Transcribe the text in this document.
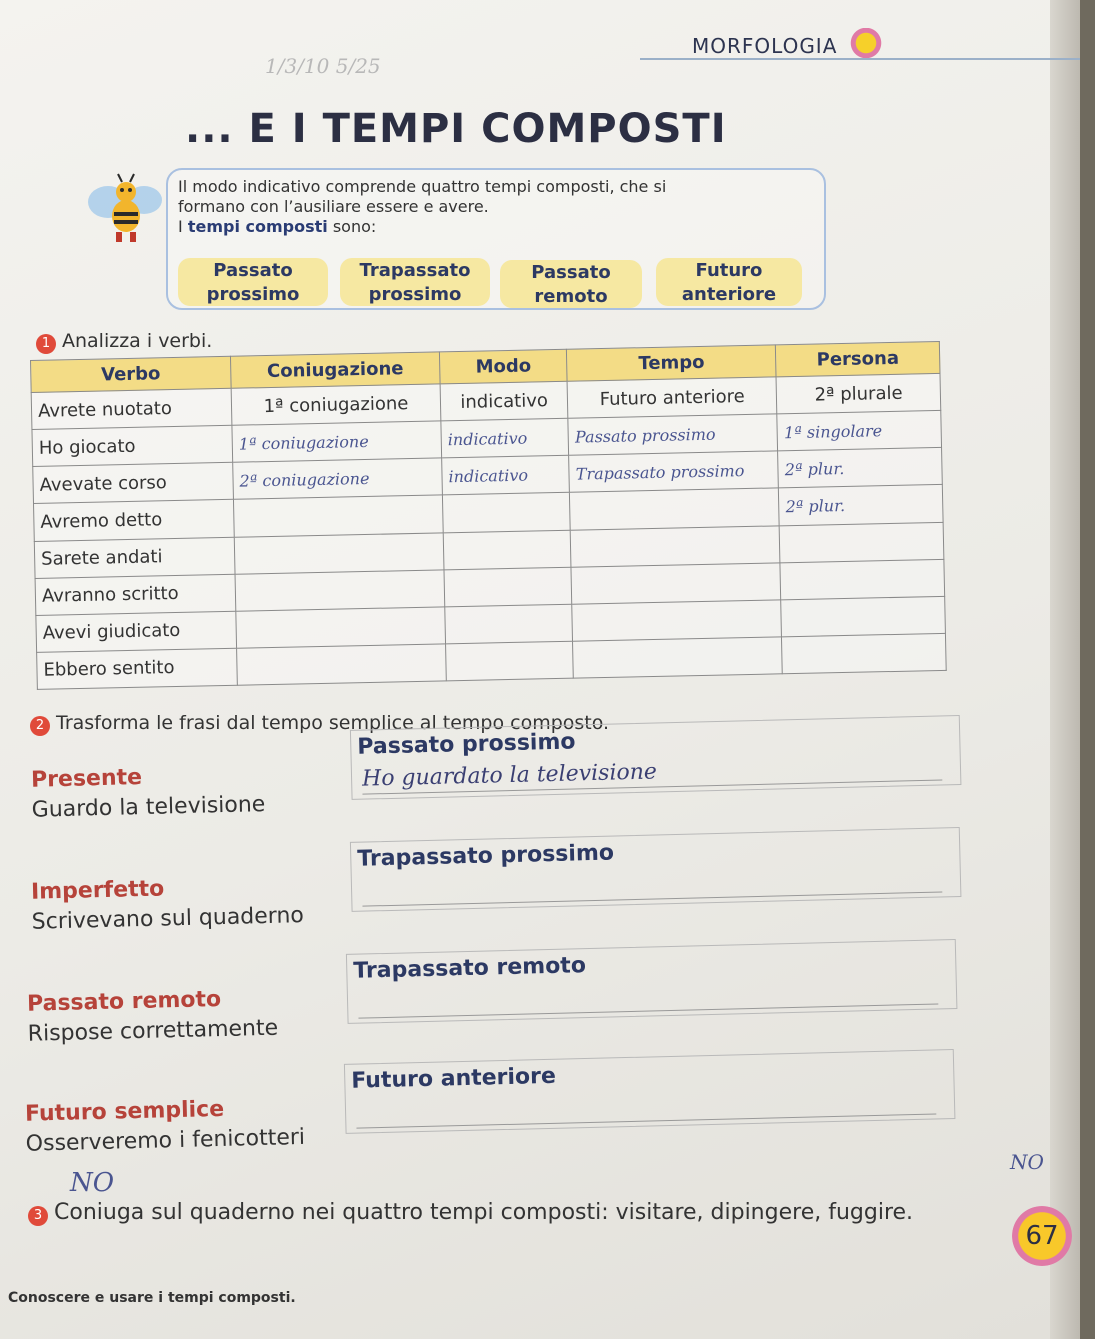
1/3/10 5/25
MORFOLOGIA
... E I TEMPI COMPOSTI
Il modo indicativo comprende quattro tempi composti, che si
formano con l’ausiliare essere e avere.
I tempi composti sono:
Passato
prossimo
Trapassato
prossimo
Passato
remoto
Futuro
anteriore
1 Analizza i verbi.
Verbo	Coniugazione	Modo	Tempo	Persona
Avrete nuotato	1ª coniugazione	indicativo	Futuro anteriore	2ª plurale
Ho giocato	1ª coniugazione	indicativo	Passato prossimo	1ª singolare
Avevate corso	2ª coniugazione	indicativo	Trapassato prossimo	2ª plur.
Avremo detto				2ª plur.
Sarete andati				
Avranno scritto				
Avevi giudicato				
Ebbero sentito				
2 Trasforma le frasi dal tempo semplice al tempo composto.
Presente
Guardo la televisione
Passato prossimo
Ho guardato la televisione
Imperfetto
Scrivevano sul quaderno
Trapassato prossimo
Passato remoto
Rispose correttamente
Trapassato remoto
Futuro semplice
Osserveremo i fenicotteri
Futuro anteriore
NO
3 Coniuga sul quaderno nei quattro tempi composti: visitare, dipingere, fuggire.
NO
67
Conoscere e usare i tempi composti.
